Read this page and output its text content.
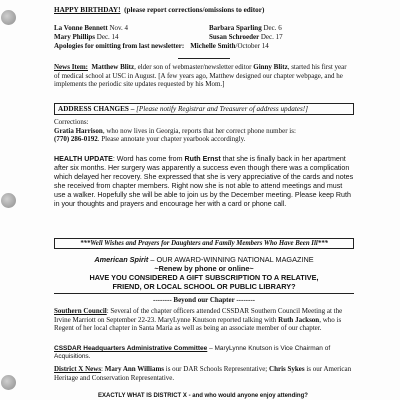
HAPPY BIRTHDAY! (please report corrections/omissions to editor)
La Vonne Bennett Nov. 4	Barbara Sparling Dec. 6
Mary Phillips Dec. 14	Susan Schroeder Dec. 17
Apologies for omitting from last newsletter: Michelle Smith /October 14
News Item: Matthew Blitz, elder son of webmaster/newsletter editor Ginny Blitz, started his first year of medical school at USC in August. [A few years ago, Matthew designed our chapter webpage, and he implements the periodic site updates requested by his Mom.]
ADDRESS CHANGES – [Please notify Registrar and Treasurer of address updates!]
Corrections:
Gratia Harrison, who now lives in Georgia, reports that her correct phone number is:
(770) 286-0192. Please annotate your chapter yearbook accordingly.
HEALTH UPDATE: Word has come from Ruth Ernst that she is finally back in her apartment after six months. Her surgery was apparently a success even though there was a complication which delayed her recovery. She expressed that she is very appreciative of the cards and notes she received from chapter members. Right now she is not able to attend meetings and must use a walker. Hopefully she will be able to join us by the December meeting. Please keep Ruth in your thoughts and prayers and encourage her with a card or phone call.
***Well Wishes and Prayers for Daughters and Family Members Who Have Been Ill***
American Spirit – OUR AWARD-WINNING NATIONAL MAGAZINE
~Renew by phone or online~
HAVE YOU CONSIDERED A GIFT SUBSCRIPTION TO A RELATIVE,
FRIEND, OR LOCAL SCHOOL OR PUBLIC LIBRARY?
-------- Beyond our Chapter --------
Southern Council: Several of the chapter officers attended CSSDAR Southern Council Meeting at the Irvine Marriott on September 22-23. MaryLynne Knutson reported talking with Ruth Jackson, who is Regent of her local chapter in Santa Maria as well as being an associate member of our chapter.
CSSDAR Headquarters Administrative Committee – MaryLynne Knutson is Vice Chairman of Acquisitions.
District X News: Mary Ann Williams is our DAR Schools Representative; Chris Sykes is our American Heritage and Conservation Representative.
EXACTLY WHAT IS DISTRICT X - and who would anyone enjoy attending?
